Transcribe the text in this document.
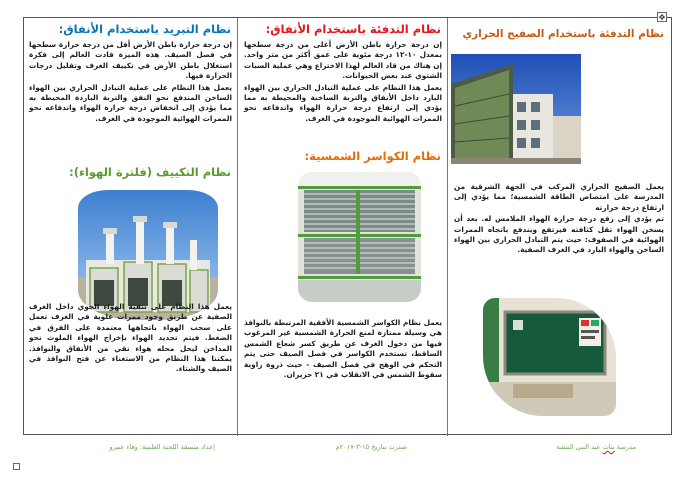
✥
نظام التبريد باستخدام الأنفاق:

إن درجة حرارة باطن الأرض أقل من درجة حرارة سطحها في فصل الصيف. هذه الميزة قادت العالم إلى فكرة استغلال باطن الأرض في تكييف الغرف وتقليل درجات الحرارة فيها.

يعمل هذا النظام على عملية التبادل الحراري بين الهواء الساخن المندفع نحو النفق والتربة الباردة المحيطة به مما يؤدي إلى انخفاض درجة حرارة الهواء واندفاعه نحو الممرات الهوائية الموجودة في الغرف.

نظام التكييف (فلترة الهواء):

يعمل هذا النظام على تنقية الهواء الجوي داخل الغرف الصفية عن طريق وجود ممرات علوية في الغرف تعمل على سحب الهواء باتجاهها معتمدة على الفرق في الضغط. فيتم تجديد الهواء بإخراج الهواء الملوث نحو المداخن ليحل محله هواء نقي من الأنفاق والنوافذ. يمكننا هذا النظام من الاستغناء عن فتح النوافذ في الصيف والشتاء.

إعداد منسقة اللجنة العلمية: وفاء عمرو
نظام التدفئة باستخدام الأنفاق:

إن درجة حرارة باطن الأرض أعلى من درجة سطحها بمعدل ١٠-١٢ درجة مئوية على عمق أكثر من متر واحد. إن هناك من قاد العالم لهذا الاختراع وهي عملية السبات الشتوي عند بعض الحيوانات.

يعمل هذا النظام على عملية التبادل الحراري بين الهواء البارد داخل الأنفاق والتربة الساخنة والمحيطة به مما يؤدي إلى ارتفاع درجة حرارة الهواء واندفاعه نحو الممرات الهوائية الموجودة في الغرف.

نظام الكواسر الشمسية:

يعمل نظام الكواسر الشمسية الأفقية المرتبطة بالنوافذ هي وسيلة ممتازة لمنع الحرارة الشمسية غير المرغوب فيها من دخول الغرف عن طريق كسر شعاع الشمس الساقط، تستخدم الكواسر في فصل الصيف حتى يتم التحكم في الوهج في فصل الصيف - حيث ذروة زاوية سقوط الشمس في الانقلاب في ٢١ حزيران.

صدرت بتاريخ ١٥-٣-٢٠١٧م
نظام التدفئة باستخدام الصفيح الحراري

يعمل الصفيح الحراري المركب في الجهة الشرقية من المدرسة على امتصاص الطاقة الشمسية؛ مما يؤدي إلى ارتفاع درجة حرارته

تم يؤدي إلى رفع درجة حرارة الهواء الملامس له. بعد أن يسخن الهواء تقل كثافته فيرتفع ويندفع باتجاه الممرات الهوائية في الصفوف: حيث يتم التبادل الحراري بين الهواء الساخن والهواء البارد في الغرف الصفية.

مدرسة بنات عبد النبي النتشة
